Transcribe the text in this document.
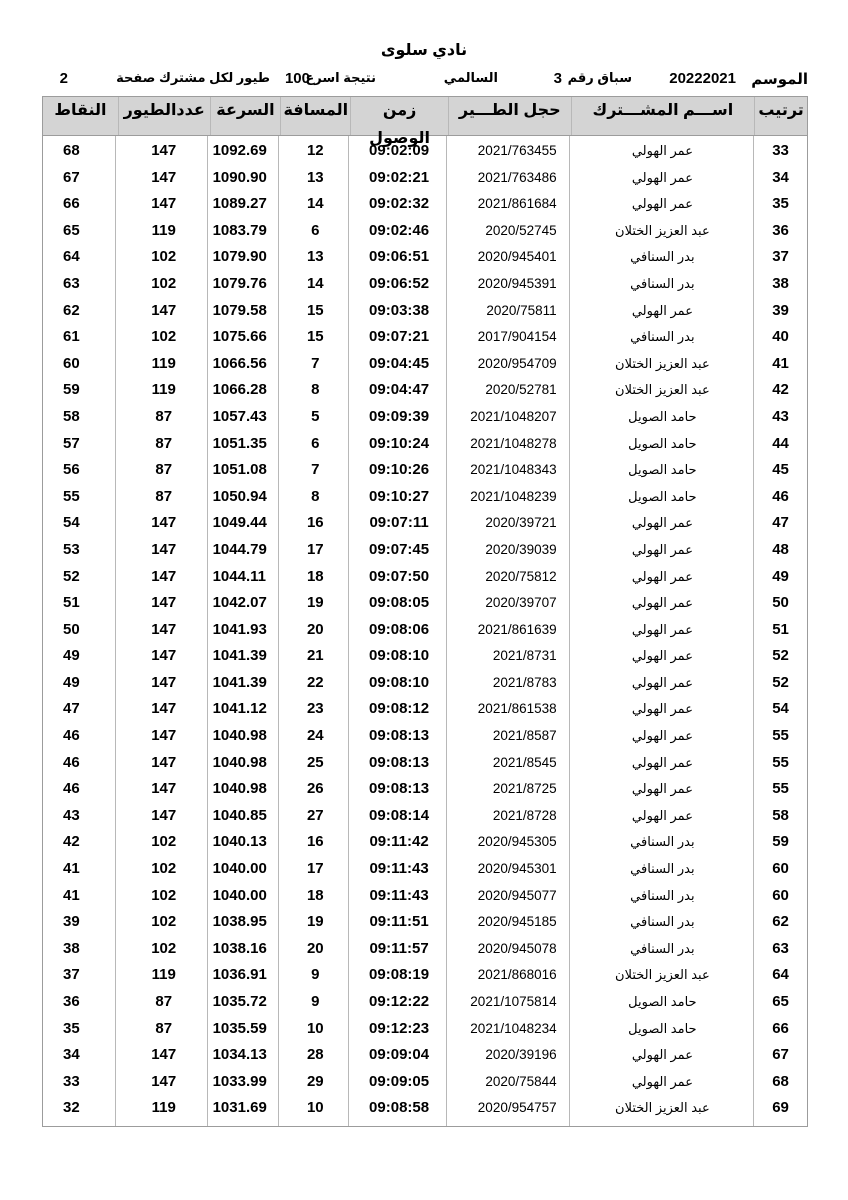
نادي سلوى
الموسم
20222021
سباق رقم
3
السالمي
نتيجة اسرع
100
طيور لكل مشترك صفحة
2
ترتيب
اســـم المشـــترك
حجل الطـــير
زمن الوصول
المسافة
السرعة
عددالطيور
النقاط
33
عمر الهولي
2021/763455
09:02:09
12
1092.69
147
68
34
عمر الهولي
2021/763486
09:02:21
13
1090.90
147
67
35
عمر الهولي
2021/861684
09:02:32
14
1089.27
147
66
36
عبد العزيز الختلان
2020/52745
09:02:46
6
1083.79
119
65
37
بدر السنافي
2020/945401
09:06:51
13
1079.90
102
64
38
بدر السنافي
2020/945391
09:06:52
14
1079.76
102
63
39
عمر الهولي
2020/75811
09:03:38
15
1079.58
147
62
40
بدر السنافي
2017/904154
09:07:21
15
1075.66
102
61
41
عبد العزيز الختلان
2020/954709
09:04:45
7
1066.56
119
60
42
عبد العزيز الختلان
2020/52781
09:04:47
8
1066.28
119
59
43
حامد الصويل
2021/1048207
09:09:39
5
1057.43
87
58
44
حامد الصويل
2021/1048278
09:10:24
6
1051.35
87
57
45
حامد الصويل
2021/1048343
09:10:26
7
1051.08
87
56
46
حامد الصويل
2021/1048239
09:10:27
8
1050.94
87
55
47
عمر الهولي
2020/39721
09:07:11
16
1049.44
147
54
48
عمر الهولي
2020/39039
09:07:45
17
1044.79
147
53
49
عمر الهولي
2020/75812
09:07:50
18
1044.11
147
52
50
عمر الهولي
2020/39707
09:08:05
19
1042.07
147
51
51
عمر الهولي
2021/861639
09:08:06
20
1041.93
147
50
52
عمر الهولي
2021/8731
09:08:10
21
1041.39
147
49
52
عمر الهولي
2021/8783
09:08:10
22
1041.39
147
49
54
عمر الهولي
2021/861538
09:08:12
23
1041.12
147
47
55
عمر الهولي
2021/8587
09:08:13
24
1040.98
147
46
55
عمر الهولي
2021/8545
09:08:13
25
1040.98
147
46
55
عمر الهولي
2021/8725
09:08:13
26
1040.98
147
46
58
عمر الهولي
2021/8728
09:08:14
27
1040.85
147
43
59
بدر السنافي
2020/945305
09:11:42
16
1040.13
102
42
60
بدر السنافي
2020/945301
09:11:43
17
1040.00
102
41
60
بدر السنافي
2020/945077
09:11:43
18
1040.00
102
41
62
بدر السنافي
2020/945185
09:11:51
19
1038.95
102
39
63
بدر السنافي
2020/945078
09:11:57
20
1038.16
102
38
64
عبد العزيز الختلان
2021/868016
09:08:19
9
1036.91
119
37
65
حامد الصويل
2021/1075814
09:12:22
9
1035.72
87
36
66
حامد الصويل
2021/1048234
09:12:23
10
1035.59
87
35
67
عمر الهولي
2020/39196
09:09:04
28
1034.13
147
34
68
عمر الهولي
2020/75844
09:09:05
29
1033.99
147
33
69
عبد العزيز الختلان
2020/954757
09:08:58
10
1031.69
119
32
